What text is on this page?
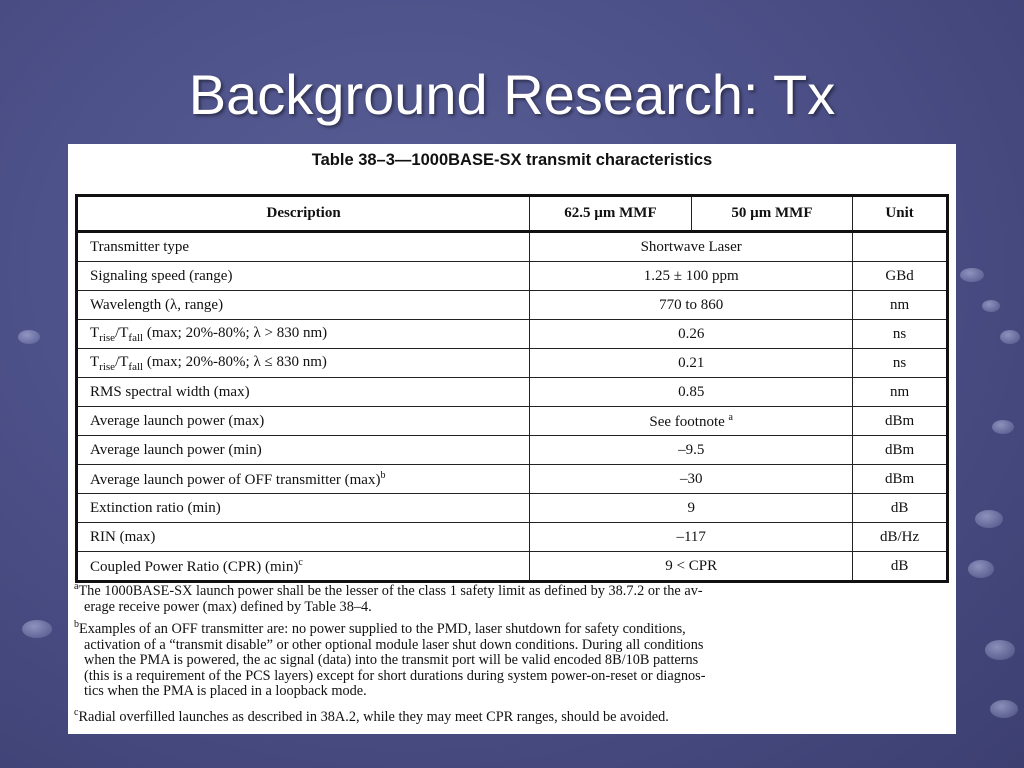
Background Research: Tx
Table 38–3—1000BASE-SX transmit characteristics
Description	62.5 µm MMF	50 µm MMF	Unit
Transmitter type	Shortwave Laser		
Signaling speed (range)	1.25 ± 100 ppm		GBd
Wavelength (λ, range)	770 to 860		nm
$T_{rise}/T_{fall}$ (max; 20%-80%; λ > 830 nm)	0.26		ns
$T_{rise}/T_{fall}$ (max; 20%-80%; λ ≤ 830 nm)	0.21		ns
RMS spectral width (max)	0.85		nm
Average launch power (max)	See footnote $^a$		dBm
Average launch power (min)	–9.5		dBm
Average launch power of OFF transmitter $(\max)^b$	–30		dBm
Extinction ratio (min)	9		dB
RIN (max)	–117		dB/Hz
Coupled Power Ratio (CPR) $(\min)^c$	9 < CPR		dB
$^a$The 1000BASE-SX launch power shall be the lesser of the class 1 safety limit as defined by 38.7.2 or the av-
erage receive power (max) defined by Table 38–4.
$^b$Examples of an OFF transmitter are: no power supplied to the PMD, laser shutdown for safety conditions,
activation of a “transmit disable” or other optional module laser shut down conditions. During all conditions
when the PMA is powered, the ac signal (data) into the transmit port will be valid encoded 8B/10B patterns
(this is a requirement of the PCS layers) except for short durations during system power-on-reset or diagnos-
tics when the PMA is placed in a loopback mode.
$^c$Radial overfilled launches as described in 38A.2, while they may meet CPR ranges, should be avoided.
